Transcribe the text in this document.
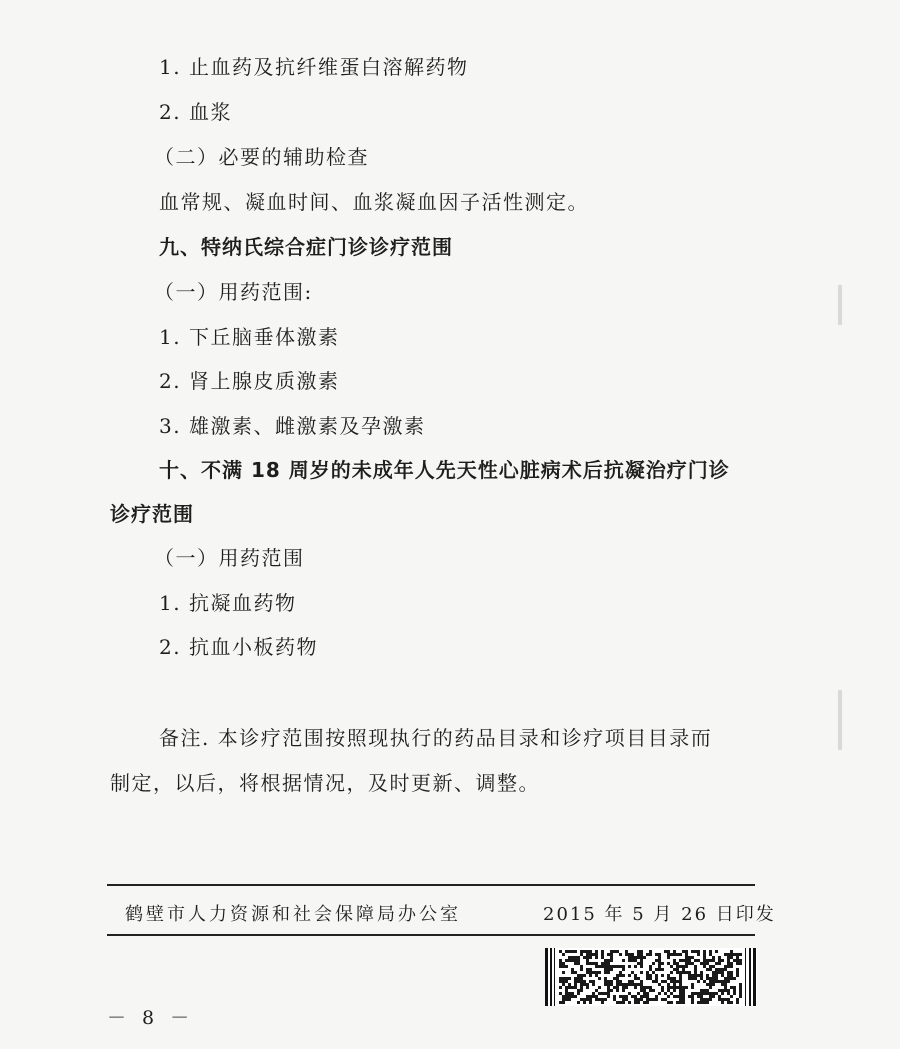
1. 止血药及抗纤维蛋白溶解药物
2. 血浆
（二）必要的辅助检查
血常规、凝血时间、血浆凝血因子活性测定。
九、特纳氏综合症门诊诊疗范围
（一）用药范围:
1. 下丘脑垂体激素
2. 肾上腺皮质激素
3. 雄激素、雌激素及孕激素
十、不满 18 周岁的未成年人先天性心脏病术后抗凝治疗门诊
诊疗范围
（一）用药范围
1. 抗凝血药物
2. 抗血小板药物
备注. 本诊疗范围按照现执行的药品目录和诊疗项目目录而
制定，以后，将根据情况，及时更新、调整。
鹤壁市人力资源和社会保障局办公室	2015 年 5 月 26 日印发
－ 8 －
